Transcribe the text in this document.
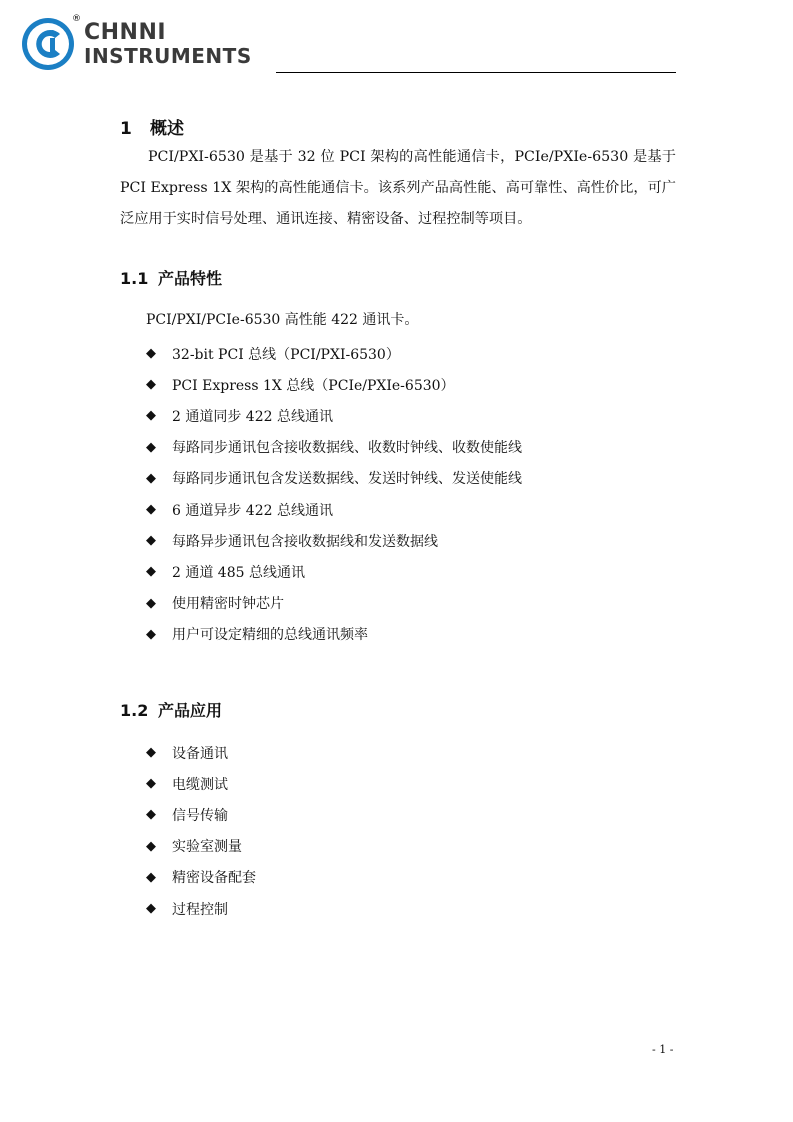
®
CHNNI
INSTRUMENTS
1 概述

PCI/PXI-6530 是基于 32 位 PCI 架构的高性能通信卡，PCIe/PXIe-6530 是基于 PCI Express 1X 架构的高性能通信卡。该系列产品高性能、高可靠性、高性价比，可广泛应用于实时信号处理、通讯连接、精密设备、过程控制等项目。

1.1 产品特性
PCI/PXI/PCIe-6530 高性能 422 通讯卡。
◆	32-bit PCI 总线（PCI/PXI-6530）
◆	PCI Express 1X 总线（PCIe/PXIe-6530）
◆	2 通道同步 422 总线通讯
◆	每路同步通讯包含接收数据线、收数时钟线、收数使能线
◆	每路同步通讯包含发送数据线、发送时钟线、发送使能线
◆	6 通道异步 422 总线通讯
◆	每路异步通讯包含接收数据线和发送数据线
◆	2 通道 485 总线通讯
◆	使用精密时钟芯片
◆	用户可设定精细的总线通讯频率
1.2 产品应用
◆	设备通讯
◆	电缆测试
◆	信号传输
◆	实验室测量
◆	精密设备配套
◆	过程控制
- 1 -
